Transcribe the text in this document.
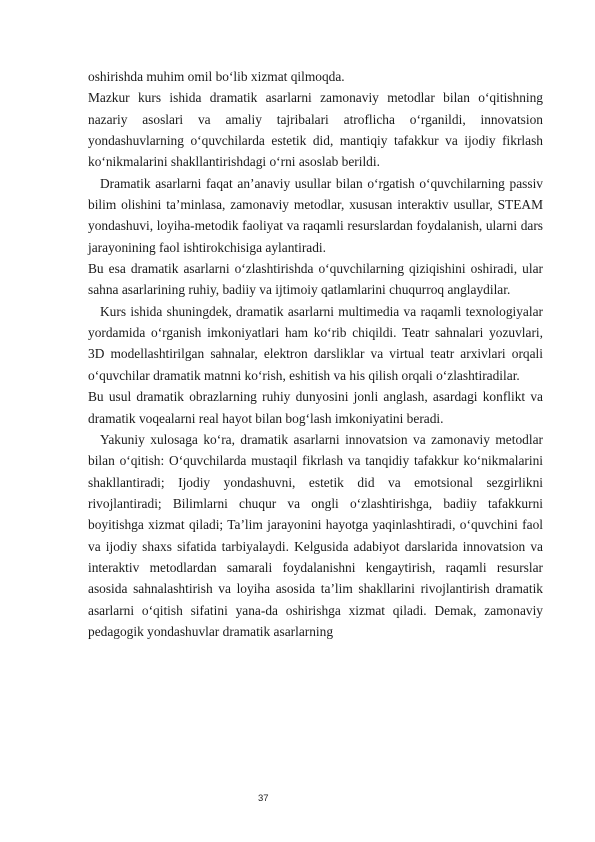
oshirishda muhim omil bo‘lib xizmat qilmoqda.

Mazkur kurs ishida dramatik asarlarni zamonaviy metodlar bilan o‘qitishning nazariy asoslari va amaliy tajribalari atroflicha o‘rganildi, innovatsion yondashuvlarning o‘quvchilarda estetik did, mantiqiy tafakkur va ijodiy fikrlash ko‘nikmalarini shakllantirishdagi o‘rni asoslab berildi.

Dramatik asarlarni faqat an’anaviy usullar bilan o‘rgatish o‘quvchilarning passiv bilim olishini ta’minlasa, zamonaviy metodlar, xususan interaktiv usullar, STEAM yondashuvi, loyiha-metodik faoliyat va raqamli resurslardan foydalanish, ularni dars jarayonining faol ishtirokchisiga aylantiradi.

Bu esa dramatik asarlarni o‘zlashtirishda o‘quvchilarning qiziqishini oshiradi, ular sahna asarlarining ruhiy, badiiy va ijtimoiy qatlamlarini chuqurroq anglaydilar.

Kurs ishida shuningdek, dramatik asarlarni multimedia va raqamli texnologiyalar yordamida o‘rganish imkoniyatlari ham ko‘rib chiqildi. Teatr sahnalari yozuvlari, 3D modellashtirilgan sahnalar, elektron darsliklar va virtual teatr arxivlari orqali o‘quvchilar dramatik matnni ko‘rish, eshitish va his qilish orqali o‘zlashtiradilar.

Bu usul dramatik obrazlarning ruhiy dunyosini jonli anglash, asardagi konflikt va dramatik voqealarni real hayot bilan bog‘lash imkoniyatini beradi.

Yakuniy xulosaga ko‘ra, dramatik asarlarni innovatsion va zamonaviy metodlar bilan o‘qitish: O‘quvchilarda mustaqil fikrlash va tanqidiy tafakkur ko‘nikmalarini shakllantiradi; Ijodiy yondashuvni, estetik did va emotsional sezgirlikni rivojlantiradi; Bilimlarni chuqur va ongli o‘zlashtirishga, badiiy tafakkurni boyitishga xizmat qiladi; Ta’lim jarayonini hayotga yaqinlashtiradi, o‘quvchini faol va ijodiy shaxs sifatida tarbiyalaydi. Kelgusida adabiyot darslarida innovatsion va interaktiv metodlardan samarali foydalanishni kengaytirish, raqamli resurslar asosida sahnalashtirish va loyiha asosida ta’lim shakllarini rivojlantirish dramatik asarlarni o‘qitish sifatini yana-da oshirishga xizmat qiladi. Demak, zamonaviy pedagogik yondashuvlar dramatik asarlarning

37
